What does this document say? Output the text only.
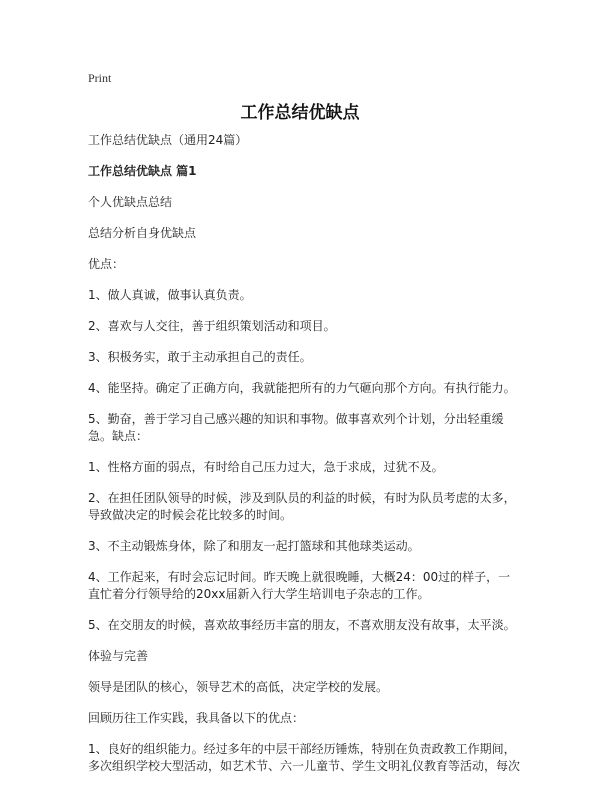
Print
工作总结优缺点

工作总结优缺点（通用24篇）

工作总结优缺点 篇1

个人优缺点总结

总结分析自身优缺点

优点：

1、做人真诚，做事认真负责。

2、喜欢与人交往，善于组织策划活动和项目。

3、积极务实，敢于主动承担自己的责任。

4、能坚持。确定了正确方向，我就能把所有的力气砸向那个方向。有执行能力。

5、勤奋，善于学习自己感兴趣的知识和事物。做事喜欢列个计划，分出轻重缓急。缺点：

1、性格方面的弱点，有时给自己压力过大，急于求成，过犹不及。

2、在担任团队领导的时候，涉及到队员的利益的时候，有时为队员考虑的太多，导致做决定的时候会花比较多的时间。

3、不主动锻炼身体，除了和朋友一起打篮球和其他球类运动。

4、工作起来，有时会忘记时间。昨天晚上就很晚睡，大概24：00过的样子，一直忙着分行领导给的20xx届新入行大学生培训电子杂志的工作。

5、在交朋友的时候，喜欢故事经历丰富的朋友，不喜欢朋友没有故事，太平淡。

体验与完善

领导是团队的核心，领导艺术的高低，决定学校的发展。

回顾历往工作实践，我具备以下的优点：

1、良好的组织能力。经过多年的中层干部经历锤炼，特别在负责政教工作期间，多次组织学校大型活动，如艺术节、六一儿童节、学生文明礼仪教育等活动，每次
